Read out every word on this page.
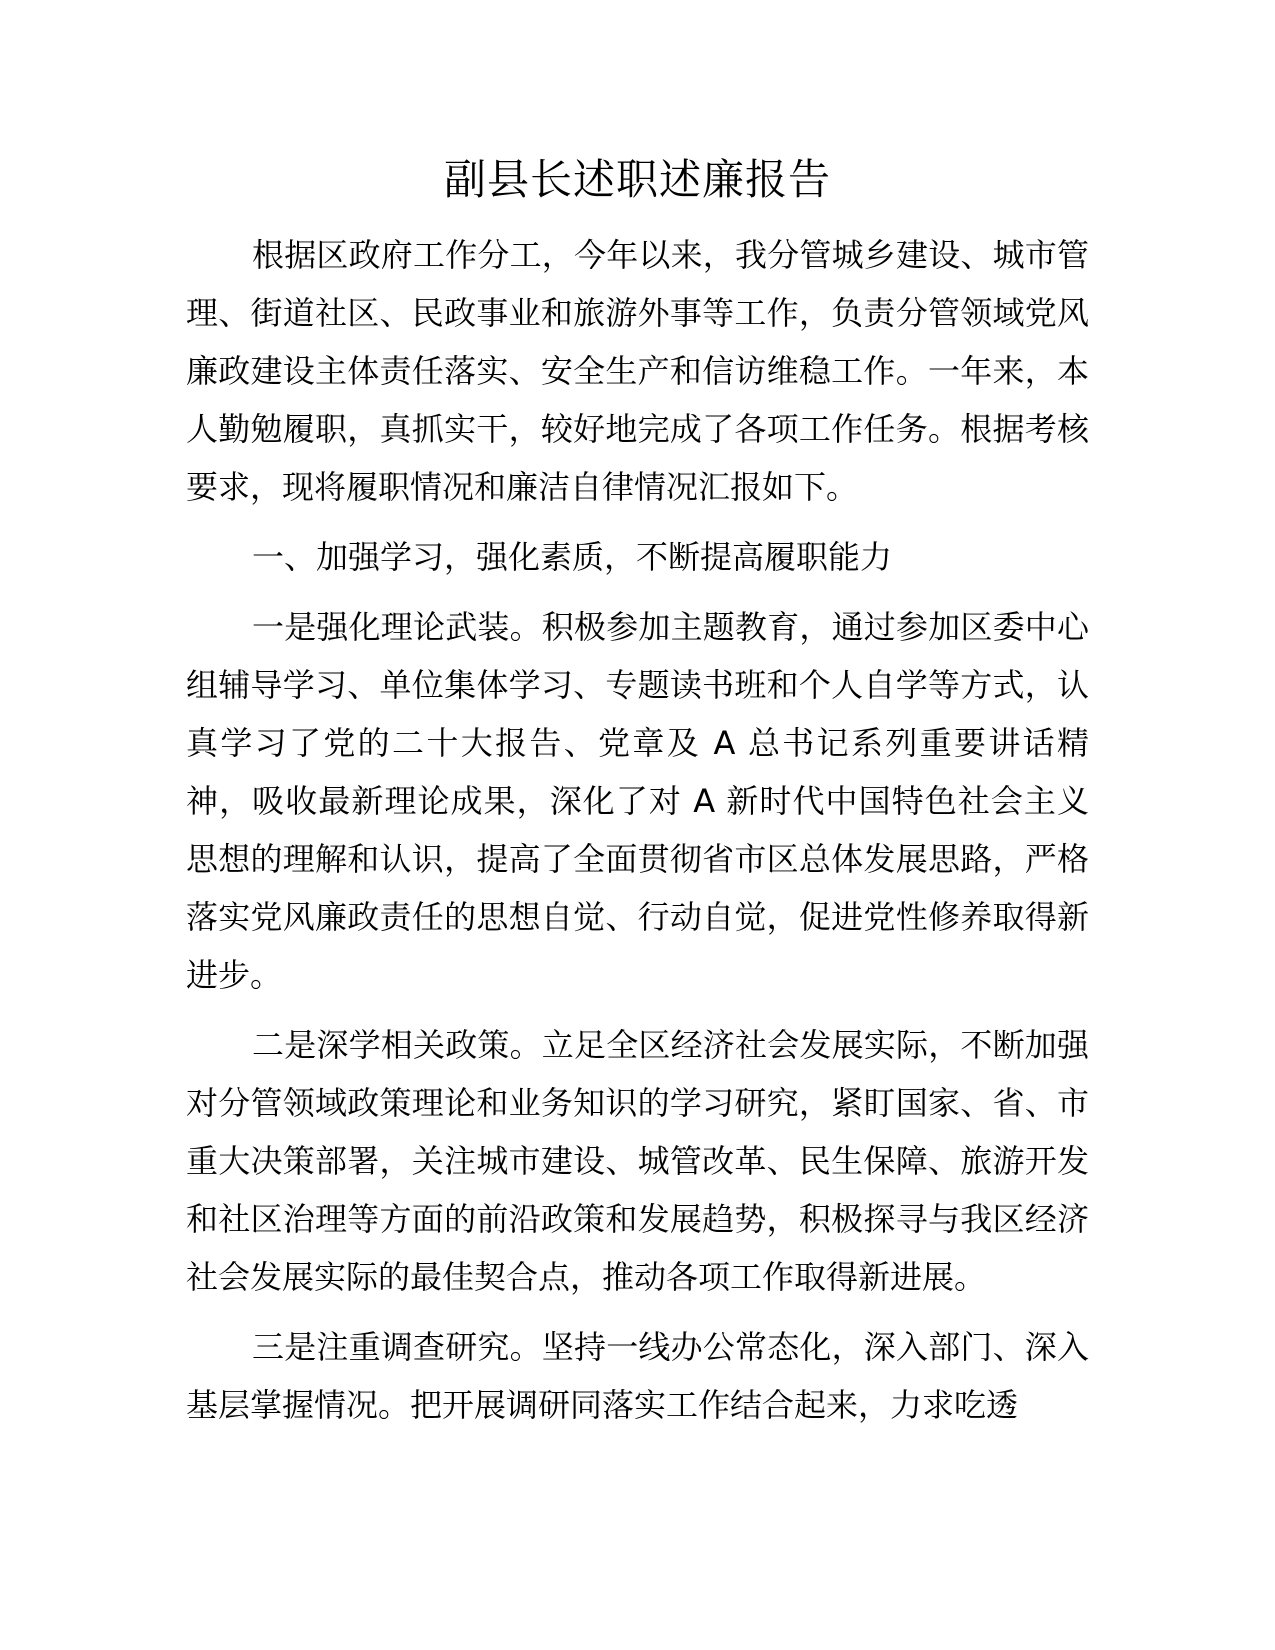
副县长述职述廉报告

根据区政府工作分工，今年以来，我分管城乡建设、城市管理、街道社区、民政事业和旅游外事等工作，负责分管领域党风廉政建设主体责任落实、安全生产和信访维稳工作。一年来，本人勤勉履职，真抓实干，较好地完成了各项工作任务。根据考核要求，现将履职情况和廉洁自律情况汇报如下。

一、加强学习，强化素质，不断提高履职能力

一是强化理论武装。积极参加主题教育，通过参加区委中心组辅导学习、单位集体学习、专题读书班和个人自学等方式，认真学习了党的二十大报告、党章及 A 总书记系列重要讲话精神，吸收最新理论成果，深化了对 A 新时代中国特色社会主义思想的理解和认识，提高了全面贯彻省市区总体发展思路，严格落实党风廉政责任的思想自觉、行动自觉，促进党性修养取得新进步。

二是深学相关政策。立足全区经济社会发展实际，不断加强对分管领域政策理论和业务知识的学习研究，紧盯国家、省、市重大决策部署，关注城市建设、城管改革、民生保障、旅游开发和社区治理等方面的前沿政策和发展趋势，积极探寻与我区经济社会发展实际的最佳契合点，推动各项工作取得新进展。

三是注重调查研究。坚持一线办公常态化，深入部门、深入基层掌握情况。把开展调研同落实工作结合起来，力求吃透
